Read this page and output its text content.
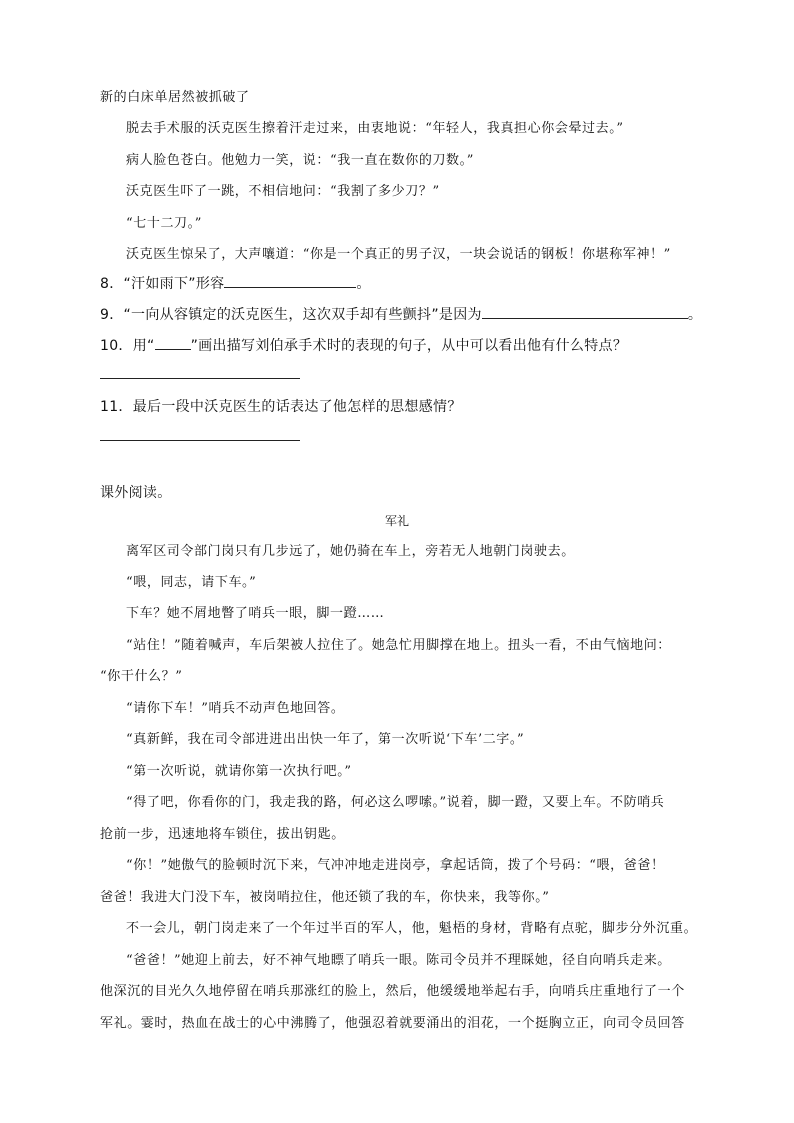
新的白床单居然被抓破了
脱去手术服的沃克医生擦着汗走过来，由衷地说：“年轻人，我真担心你会晕过去。”
病人脸色苍白。他勉力一笑，说：“我一直在数你的刀数。”
沃克医生吓了一跳，不相信地问：“我割了多少刀？”
“七十二刀。”
沃克医生惊呆了，大声嚷道：“你是一个真正的男子汉，一块会说话的钢板！你堪称军神！”
8．“汗如雨下”形容	。
9．“一向从容镇定的沃克医生，这次双手却有些颤抖”是因为	。
10．用“	”画出描写刘伯承手术时的表现的句子，从中可以看出他有什么特点？
11．最后一段中沃克医生的话表达了他怎样的思想感情？
课外阅读。
军礼
离军区司令部门岗只有几步远了，她仍骑在车上，旁若无人地朝门岗驶去。
“喂，同志，请下车。”
下车？她不屑地瞥了哨兵一眼，脚一蹬……
“站住！”随着喊声，车后架被人拉住了。她急忙用脚撑在地上。扭头一看，不由气恼地问：
“你干什么？”
“请你下车！”哨兵不动声色地回答。
“真新鲜，我在司令部进进出出快一年了，第一次听说‘下车’二字。”
“第一次听说，就请你第一次执行吧。”
“得了吧，你看你的门，我走我的路，何必这么啰嗦。”说着，脚一蹬，又要上车。不防哨兵
抢前一步，迅速地将车锁住，拔出钥匙。
“你！”她傲气的脸顿时沉下来，气冲冲地走进岗亭，拿起话筒，拨了个号码：“喂，爸爸！
爸爸！我进大门没下车，被岗哨拉住，他还锁了我的车，你快来，我等你。”
不一会儿，朝门岗走来了一个年过半百的军人，他，魁梧的身材，背略有点驼，脚步分外沉重。
“爸爸！”她迎上前去，好不神气地瞟了哨兵一眼。陈司令员并不理睬她，径自向哨兵走来。
他深沉的目光久久地停留在哨兵那涨红的脸上，然后，他缓缓地举起右手，向哨兵庄重地行了一个
军礼。霎时，热血在战士的心中沸腾了，他强忍着就要涌出的泪花，一个挺胸立正，向司令员回答
